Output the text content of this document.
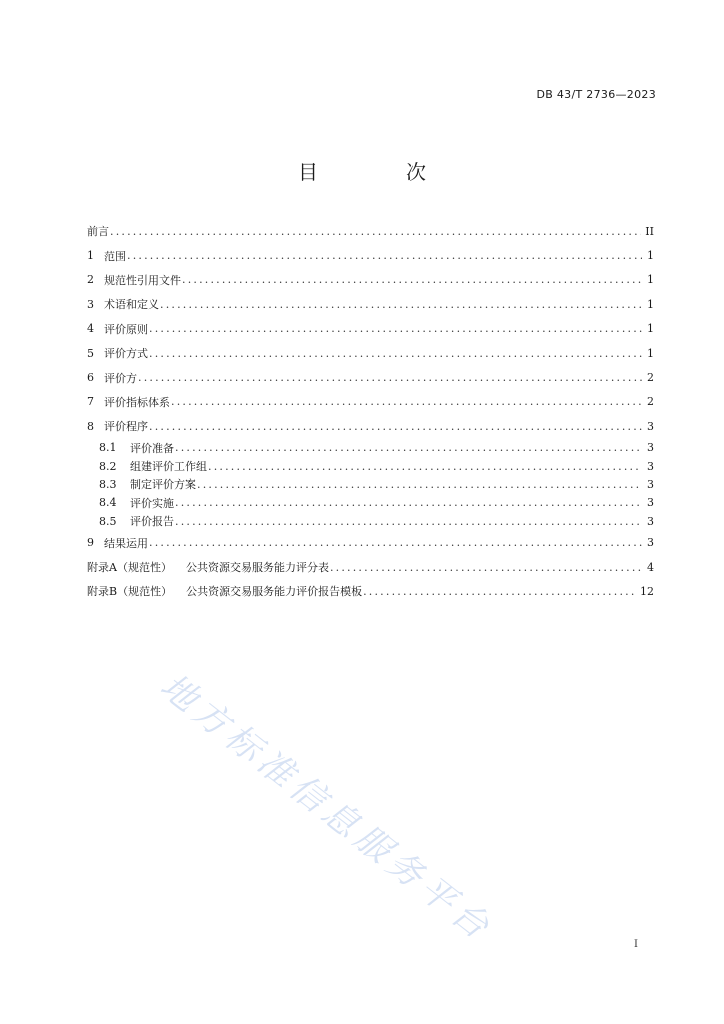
DB 43/T 2736—2023
目　次
前言 .....	II
1 范围 .....	1
2 规范性引用文件 .....	1
3 术语和定义 .....	1
4 评价原则 .....	1
5 评价方式 .....	1
6 评价方 .....	2
7 评价指标体系 .....	2
8 评价程序 .....	3
8.1	评价准备 .....	3
8.2	组建评价工作组 .....	3
8.3	制定评价方案 .....	3
8.4	评价实施 .....	3
8.5	评价报告 .....	3
9 结果运用 .....	3
附录A（规范性） 公共资源交易服务能力评分表 .....	4
附录B（规范性） 公共资源交易服务能力评价报告模板 .....	12
地方标准信息服务平台	I
